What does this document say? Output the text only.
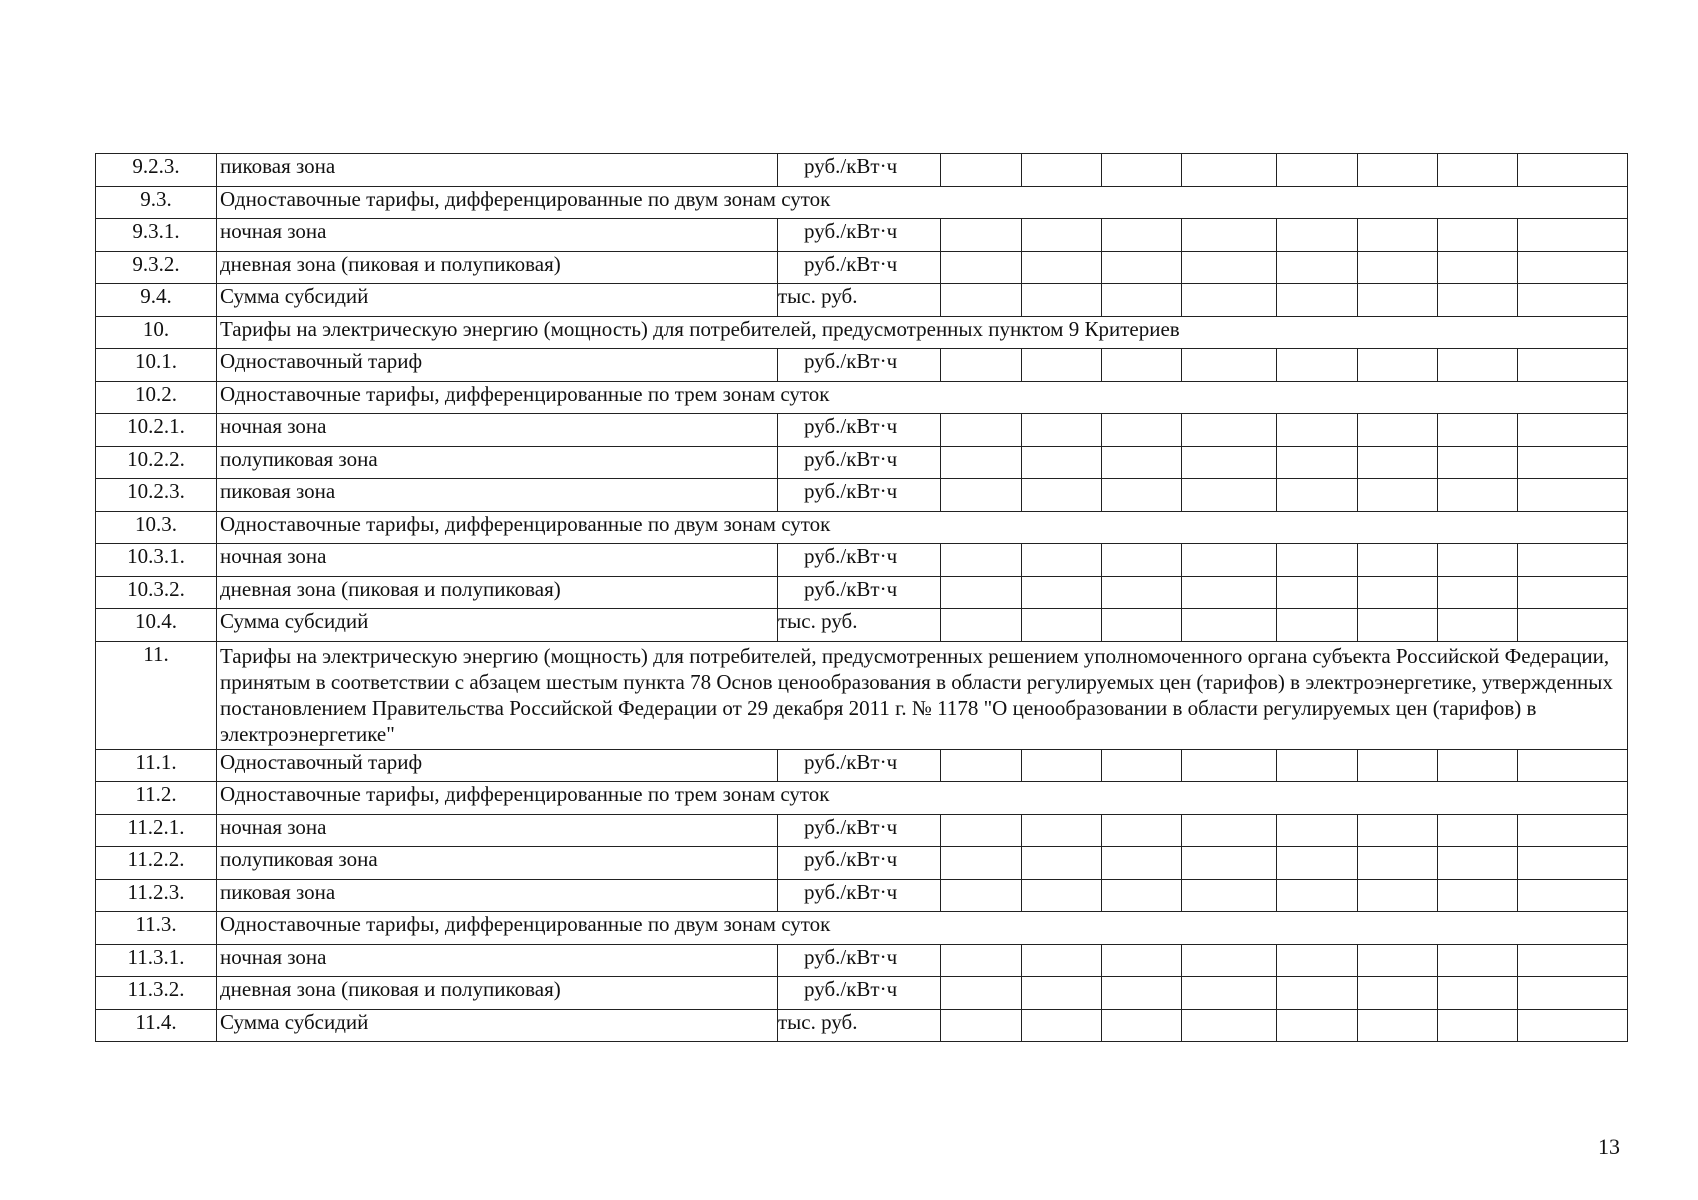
9.2.3.	пиковая зона	руб./кВт·ч								
9.3.	Одноставочные тарифы, дифференцированные по двум зонам суток									
9.3.1.	ночная зона	руб./кВт·ч								
9.3.2.	дневная зона (пиковая и полупиковая)	руб./кВт·ч								
9.4.	Сумма субсидий	тыс. руб.								
10.	Тарифы на электрическую энергию (мощность) для потребителей, предусмотренных пунктом 9 Критериев									
10.1.	Одноставочный тариф	руб./кВт·ч								
10.2.	Одноставочные тарифы, дифференцированные по трем зонам суток									
10.2.1.	ночная зона	руб./кВт·ч								
10.2.2.	полупиковая зона	руб./кВт·ч								
10.2.3.	пиковая зона	руб./кВт·ч								
10.3.	Одноставочные тарифы, дифференцированные по двум зонам суток									
10.3.1.	ночная зона	руб./кВт·ч								
10.3.2.	дневная зона (пиковая и полупиковая)	руб./кВт·ч								
10.4.	Сумма субсидий	тыс. руб.								
11.	Тарифы на электрическую энергию (мощность) для потребителей, предусмотренных решением уполномоченного органа субъекта Российской Федерации, принятым в соответствии с абзацем шестым пункта 78 Основ ценообразования в области регулируемых цен (тарифов) в электроэнергетике, утвержденных постановлением Правительства Российской Федерации от 29 декабря 2011 г. № 1178 "О ценообразовании в области регулируемых цен (тарифов) в электроэнергетике"									
11.1.	Одноставочный тариф	руб./кВт·ч								
11.2.	Одноставочные тарифы, дифференцированные по трем зонам суток									
11.2.1.	ночная зона	руб./кВт·ч								
11.2.2.	полупиковая зона	руб./кВт·ч								
11.2.3.	пиковая зона	руб./кВт·ч								
11.3.	Одноставочные тарифы, дифференцированные по двум зонам суток									
11.3.1.	ночная зона	руб./кВт·ч								
11.3.2.	дневная зона (пиковая и полупиковая)	руб./кВт·ч								
11.4.	Сумма субсидий	тыс. руб.								
13
